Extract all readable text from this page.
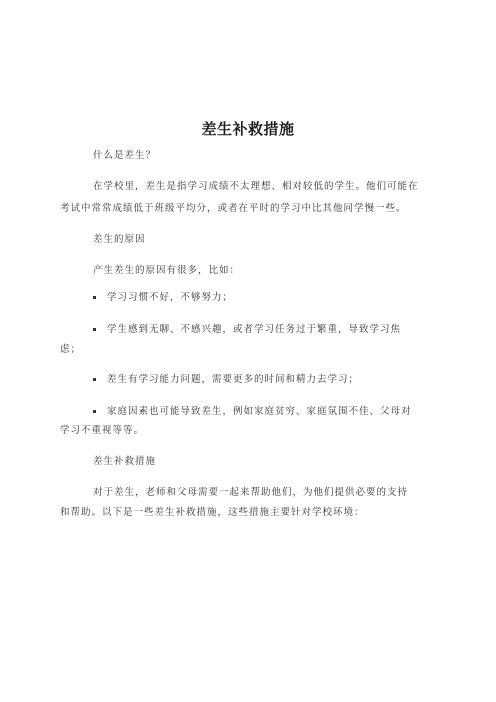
差生补救措施
什么是差生？
在学校里，差生是指学习成绩不太理想、相对较低的学生。他们可能在
考试中常常成绩低于班级平均分，或者在平时的学习中比其他同学慢一些。
差生的原因
产生差生的原因有很多，比如：
学习习惯不好，不够努力；
学生感到无聊、不感兴趣，或者学习任务过于繁重，导致学习焦
虑；
差生有学习能力问题，需要更多的时间和精力去学习；
家庭因素也可能导致差生，例如家庭贫穷、家庭氛围不佳、父母对
学习不重视等等。
差生补救措施
对于差生，老师和父母需要一起来帮助他们，为他们提供必要的支持
和帮助。以下是一些差生补救措施，这些措施主要针对学校环境：
